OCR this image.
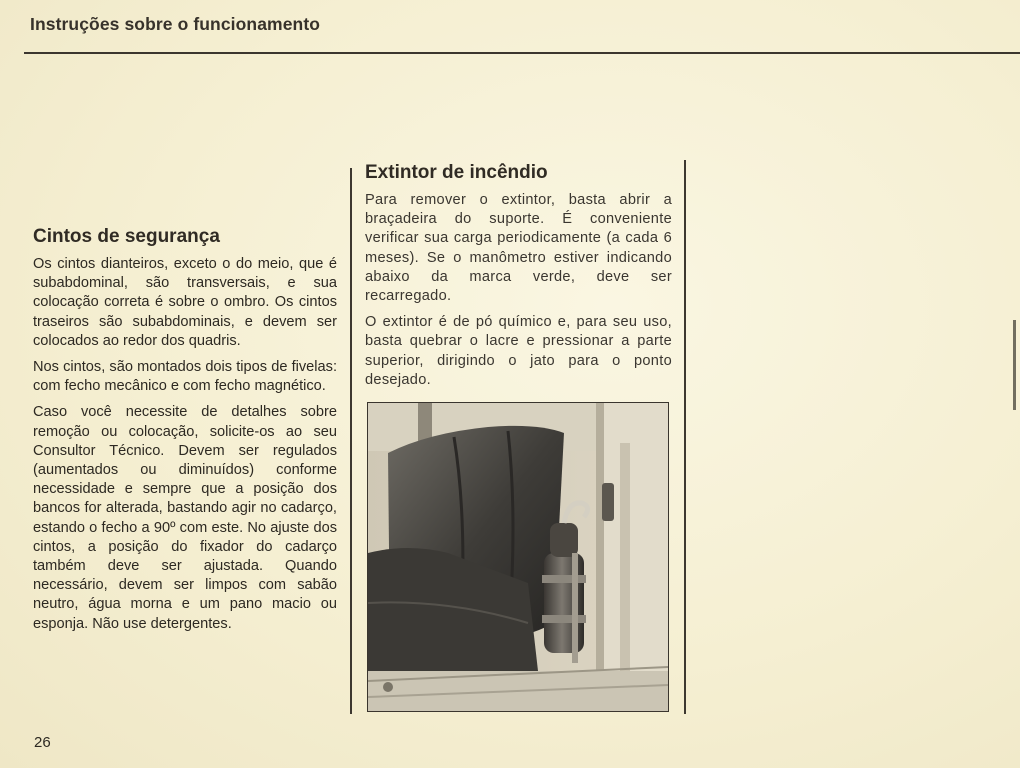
Instruções sobre o funcionamento
Cintos de segurança

Os cintos dianteiros, exceto o do meio, que é subabdominal, são transversais, e sua colocação correta é sobre o ombro. Os cintos traseiros são subabdominais, e devem ser colocados ao redor dos quadris.

Nos cintos, são montados dois tipos de fivelas: com fecho mecânico e com fecho magnético.

Caso você necessite de detalhes sobre remoção ou colocação, solicite-os ao seu Consultor Técnico. Devem ser regulados (aumentados ou diminuídos) conforme necessidade e sempre que a posição dos bancos for alterada, bastando agir no cadarço, estando o fecho a 90º com este. No ajuste dos cintos, a posição do fixador do cadarço também deve ser ajustada. Quando necessário, devem ser limpos com sabão neutro, água morna e um pano macio ou esponja. Não use detergentes.

Extintor de incêndio

Para remover o extintor, basta abrir a braçadeira do suporte. É conveniente verificar sua carga periodicamente (a cada 6 meses). Se o manômetro estiver indicando abaixo da marca verde, deve ser recarregado.

O extintor é de pó químico e, para seu uso, basta quebrar o lacre e pressionar a parte superior, dirigindo o jato para o ponto desejado.

26
